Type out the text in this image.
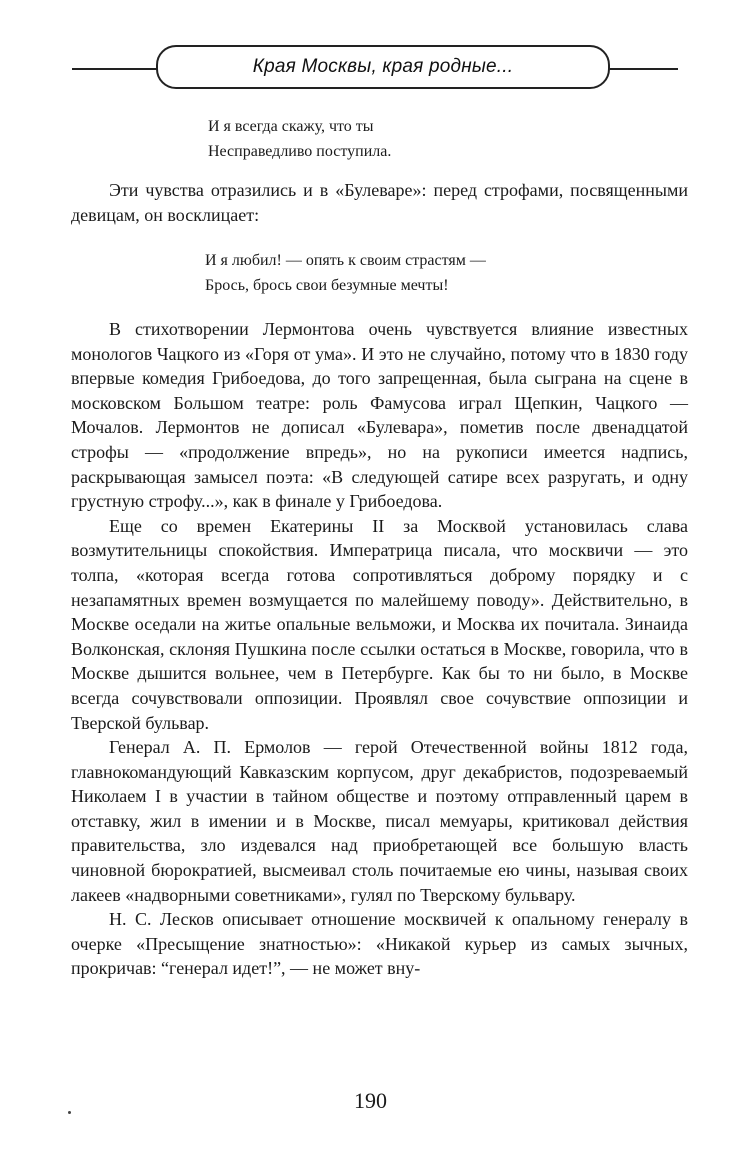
Края Москвы, края родные...
И я всегда скажу, что ты
Несправедливо поступила.

Эти чувства отразились и в «Булеваре»: перед строфами, посвященными девицам, он восклицает:

И я любил! — опять к своим страстям —
Брось, брось свои безумные мечты!

В стихотворении Лермонтова очень чувствуется влияние известных монологов Чацкого из «Горя от ума». И это не случайно, потому что в 1830 году впервые комедия Грибоедова, до того запрещенная, была сыграна на сцене в московском Большом театре: роль Фамусова играл Щепкин, Чацкого — Мочалов. Лермонтов не дописал «Булевара», пометив после двенадцатой строфы — «продолжение впредь», но на рукописи имеется надпись, раскрывающая замысел поэта: «В следующей сатире всех разругать, и одну грустную строфу...», как в финале у Грибоедова.

Еще со времен Екатерины II за Москвой установилась слава возмутительницы спокойствия. Императрица писала, что москвичи — это толпа, «которая всегда готова сопротивляться доброму порядку и с незапамятных времен возмущается по малейшему поводу». Действительно, в Москве оседали на житье опальные вельможи, и Москва их почитала. Зинаида Волконская, склоняя Пушкина после ссылки остаться в Москве, говорила, что в Москве дышится вольнее, чем в Петербурге. Как бы то ни было, в Москве всегда сочувствовали оппозиции. Проявлял свое сочувствие оппозиции и Тверской бульвар.

Генерал А. П. Ермолов — герой Отечественной войны 1812 года, главнокомандующий Кавказским корпусом, друг декабристов, подозреваемый Николаем I в участии в тайном обществе и поэтому отправленный царем в отставку, жил в имении и в Москве, писал мемуары, критиковал действия правительства, зло издевался над приобретающей все большую власть чиновной бюрократией, высмеивал столь почитаемые ею чины, называя своих лакеев «надворными советниками», гулял по Тверскому бульвару.

Н. С. Лесков описывает отношение москвичей к опальному генералу в очерке «Пресыщение знатностью»: «Никакой курьер из самых зычных, прокричав: “генерал идет!”, — не может вну-

190
